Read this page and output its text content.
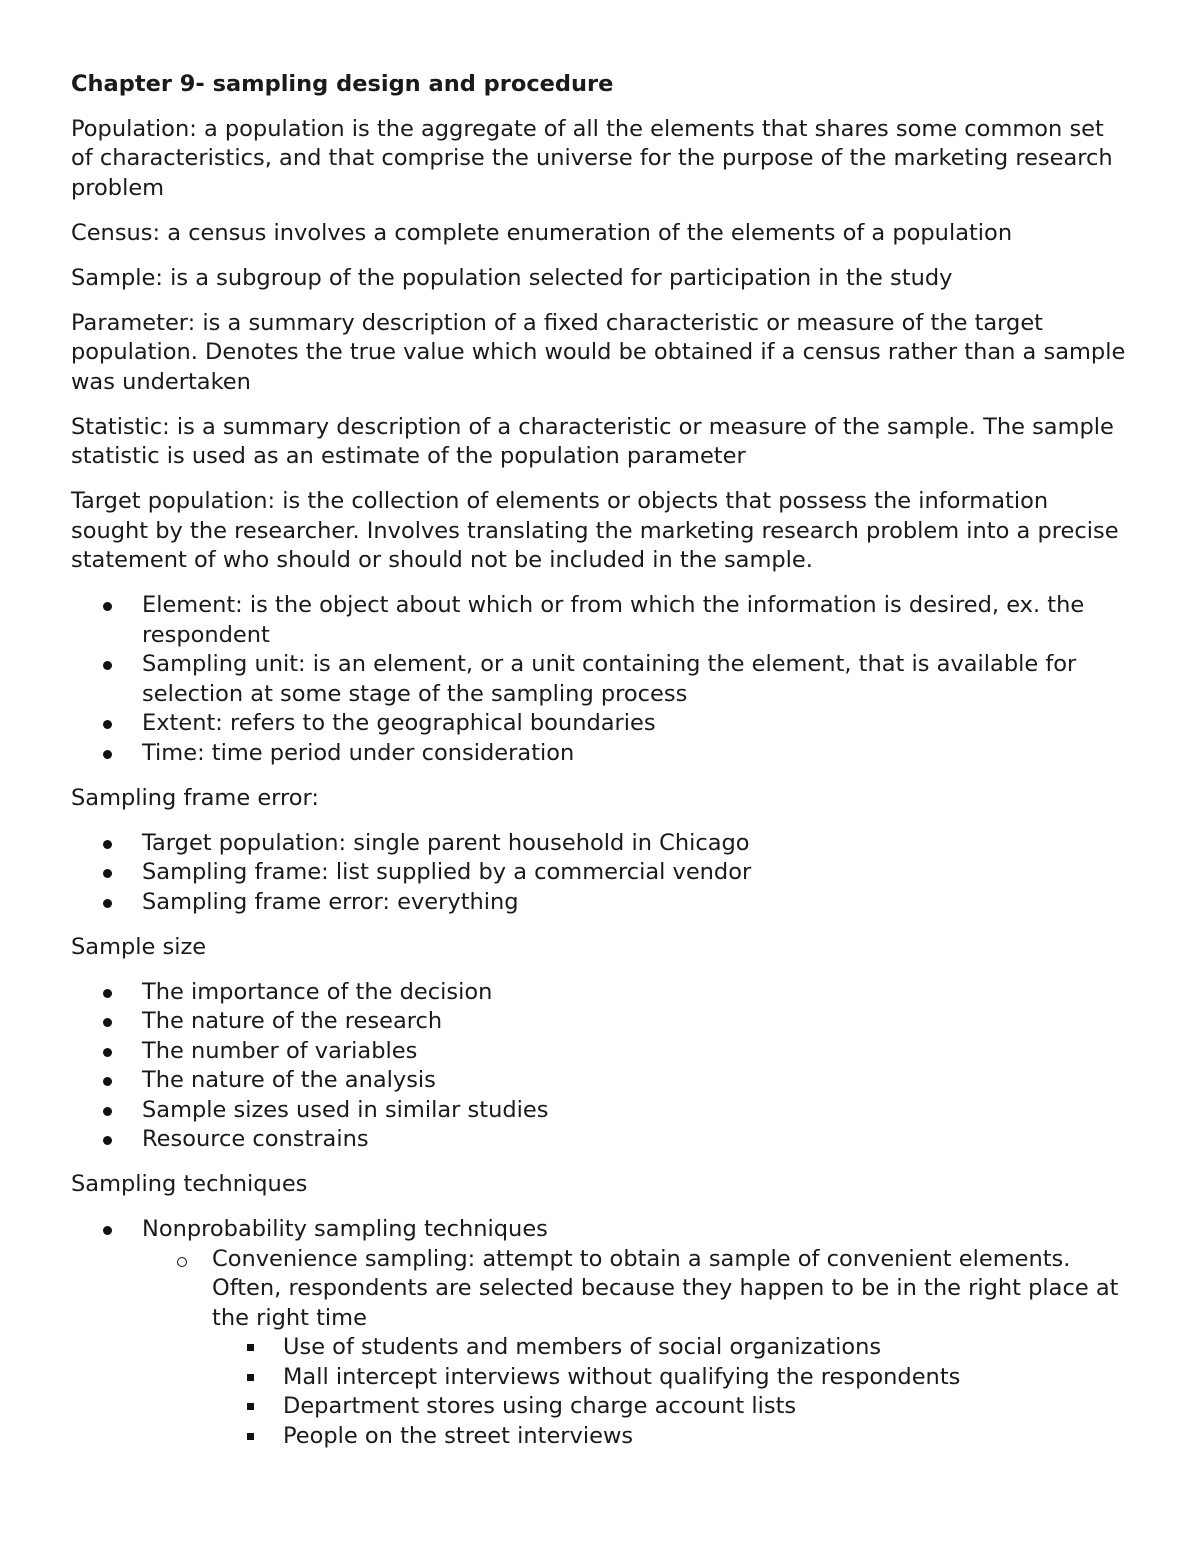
Chapter 9- sampling design and procedure

Population: a population is the aggregate of all the elements that shares some common set of characteristics, and that comprise the universe for the purpose of the marketing research problem

Census: a census involves a complete enumeration of the elements of a population

Sample: is a subgroup of the population selected for participation in the study

Parameter: is a summary description of a fixed characteristic or measure of the target population. Denotes the true value which would be obtained if a census rather than a sample was undertaken

Statistic: is a summary description of a characteristic or measure of the sample. The sample statistic is used as an estimate of the population parameter

Target population: is the collection of elements or objects that possess the information sought by the researcher. Involves translating the marketing research problem into a precise statement of who should or should not be included in the sample.

Element: is the object about which or from which the information is desired, ex. the respondent
Sampling unit: is an element, or a unit containing the element, that is available for selection at some stage of the sampling process
Extent: refers to the geographical boundaries
Time: time period under consideration

Sampling frame error:

Target population: single parent household in Chicago
Sampling frame: list supplied by a commercial vendor
Sampling frame error: everything

Sample size

The importance of the decision
The nature of the research
The number of variables
The nature of the analysis
Sample sizes used in similar studies
Resource constrains

Sampling techniques

Nonprobability sampling techniques
Convenience sampling: attempt to obtain a sample of convenient elements. Often, respondents are selected because they happen to be in the right place at the right time
Use of students and members of social organizations
Mall intercept interviews without qualifying the respondents
Department stores using charge account lists
People on the street interviews
